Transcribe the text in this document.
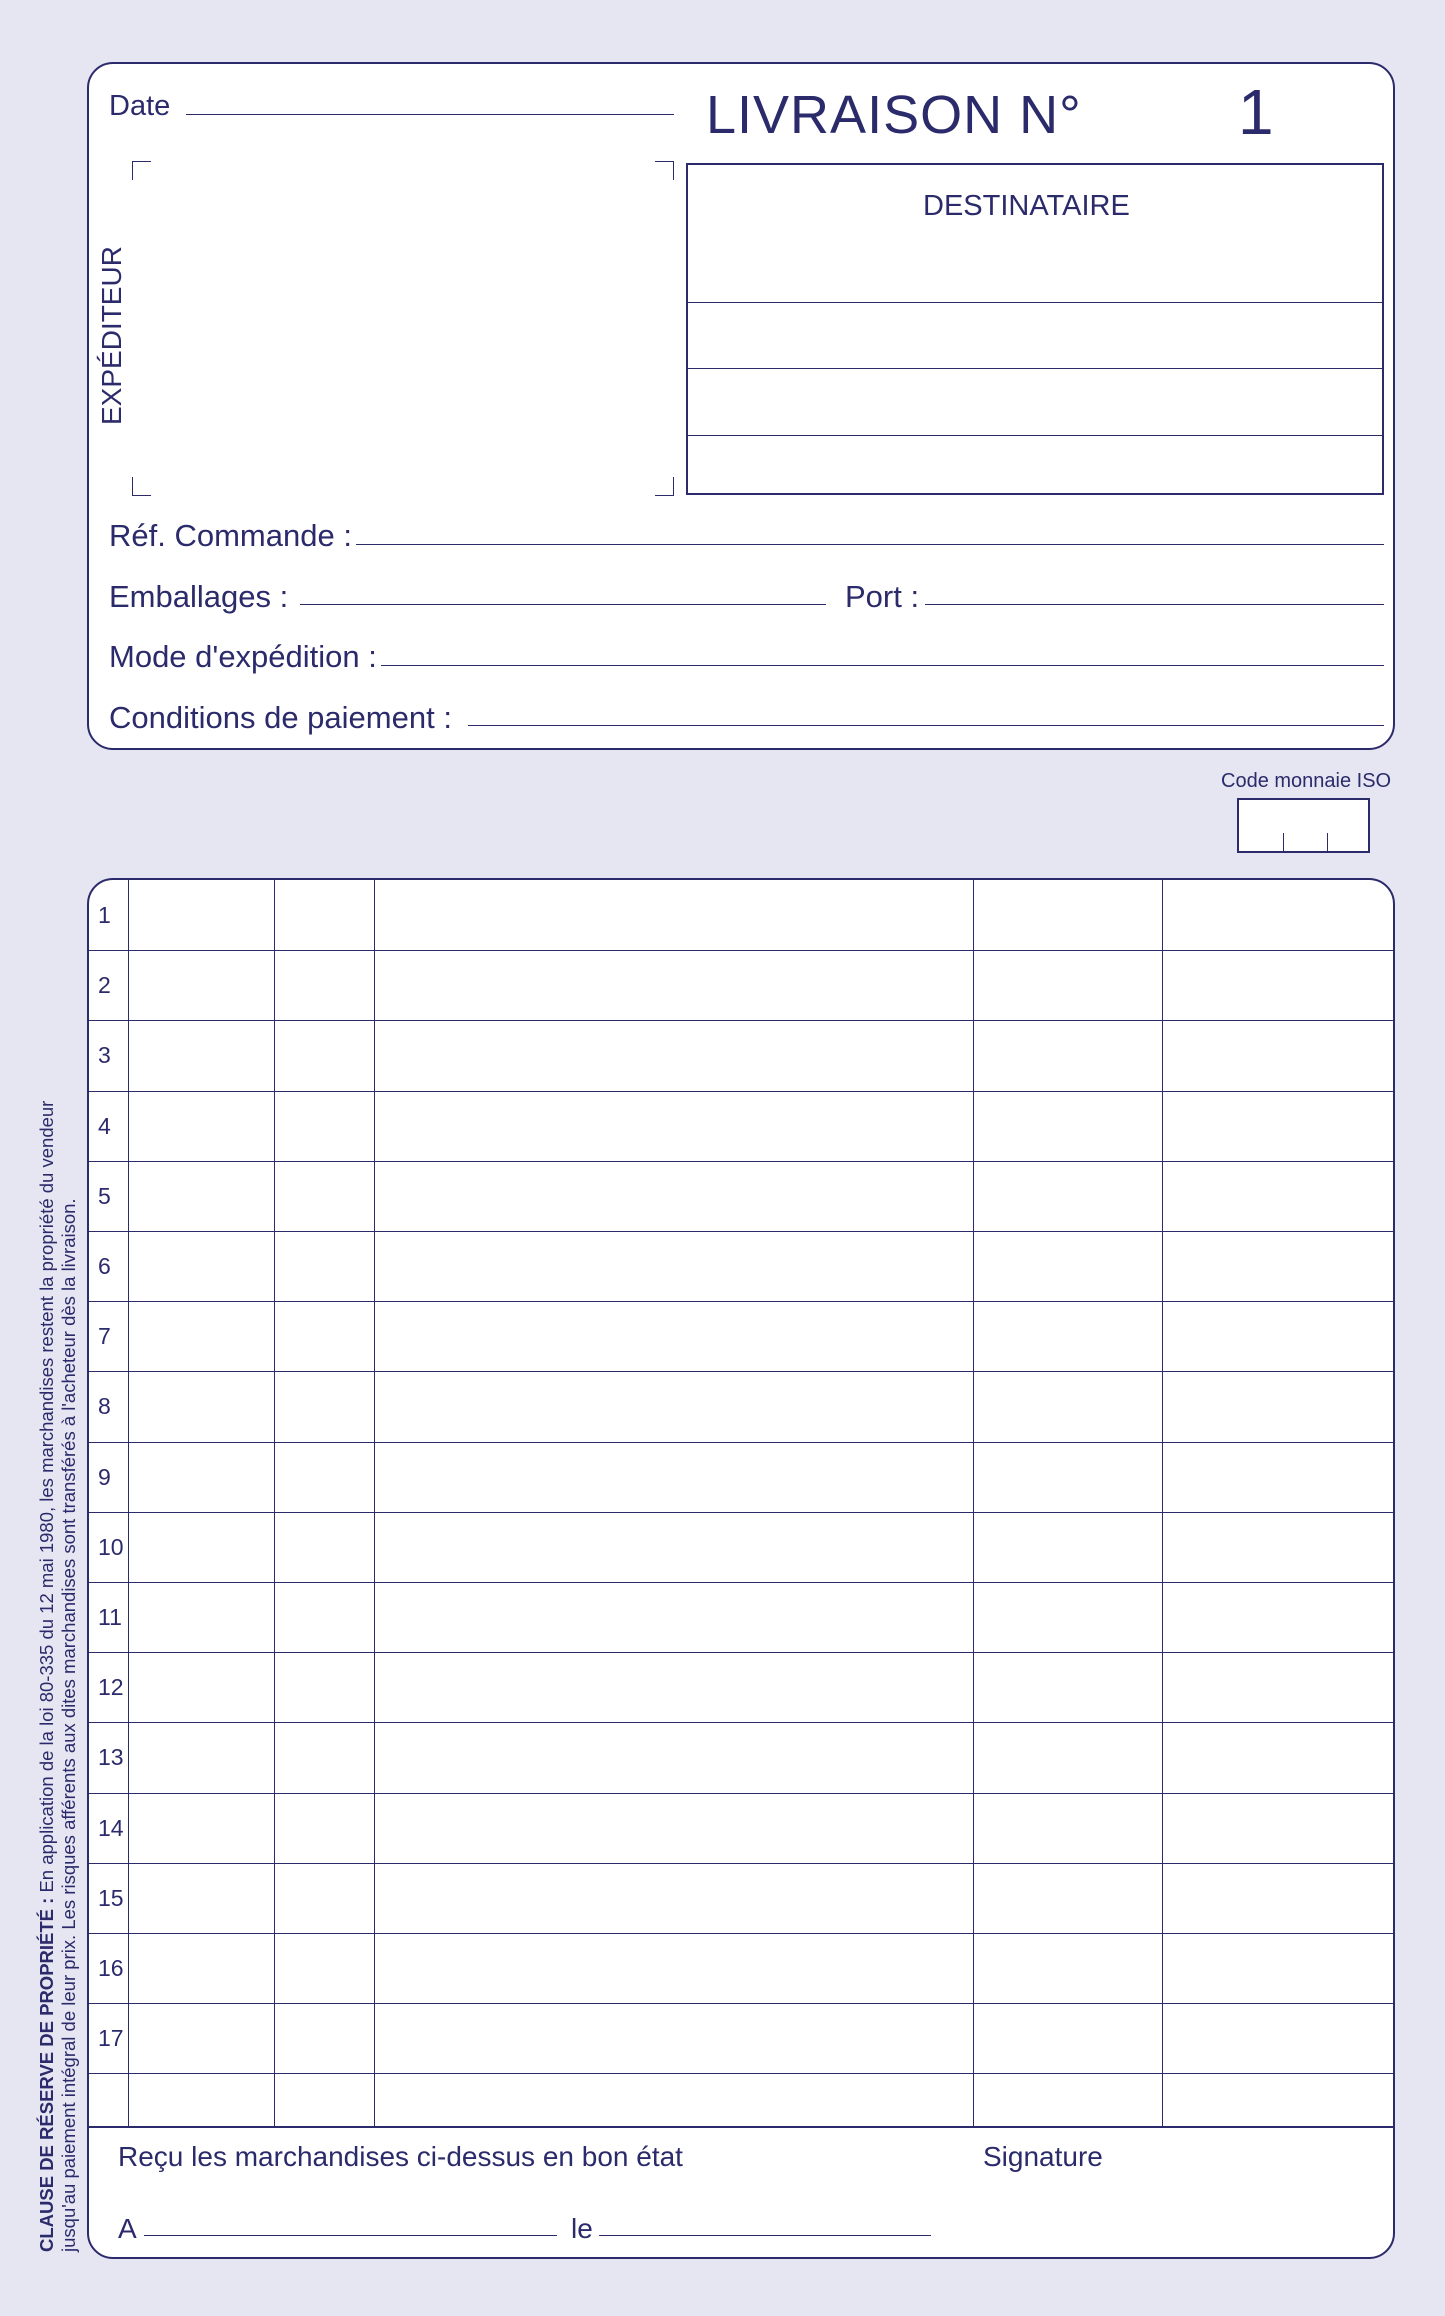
Date	LIVRAISON N° 1
EXPÉDITEUR
DESTINATAIRE
Réf. Commande :
Emballages :	Port :
Mode d'expédition :
Conditions de paiement :
Code monnaie ISO
CLAUSE DE RÉSERVE DE PROPRIÉTÉ : En application de la loi 80-335 du 12 mai 1980, les marchandises restent la propriété du vendeur jusqu'au paiement intégral de leur prix. Les risques afférents aux dites marchandises sont transférés à l'acheteur dès la livraison.
1
2
3
4
5
6
7
8
9
10
11
12
13
14
15
16
17
Reçu les marchandises ci-dessus en bon état	Signature
A	le
